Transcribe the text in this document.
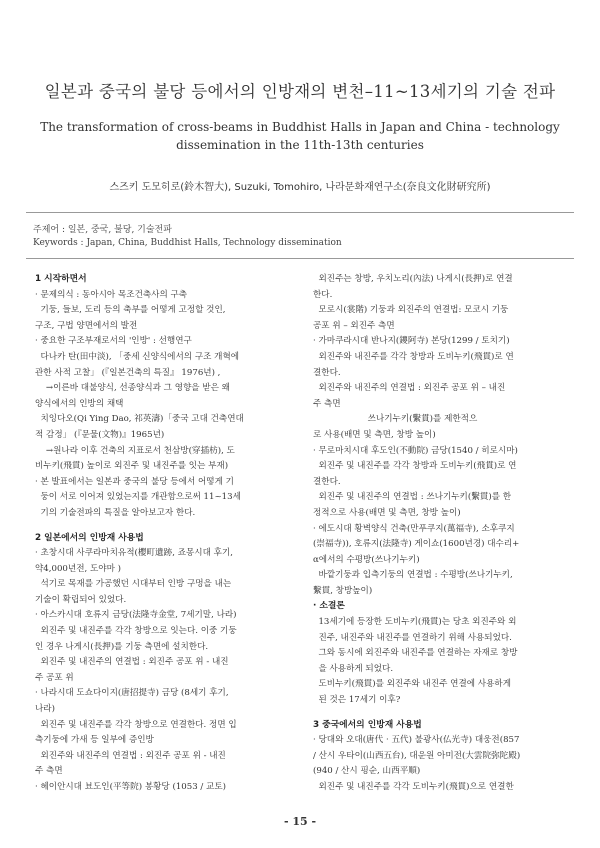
일본과 중국의 불당 등에서의 인방재의 변천–11~13세기의 기술 전파
The transformation of cross-beams in Buddhist Halls in Japan and China - technology
dissemination in the 11th-13th centuries
스즈키 도모히로(鈴木智大), Suzuki, Tomohiro, 나라문화재연구소(奈良文化財研究所)
주제어 : 일본, 중국, 불당, 기술전파
Keywords : Japan, China, Buddhist Halls, Technology dissemination

1 시작하면서

· 문제의식 : 동아시아 목조건축사의 구축

기둥, 들보, 도리 등의 축부를 어떻게 고정할 것인,

구조, 구법 양면에서의 발전

· 중요한 구조부재로서의 '인방' : 선행연구

다나카 탄(田中淡), 「중세 신양식에서의 구조 개혁에

관한 사적 고찰」 (『일본건축의 특질』 1976년) ,

→이른바 대불양식, 선종양식과 그 영향을 받은 왜

양식에서의 인방의 채택

치잉다오(Qi Ying Dao, 祁英濤)「중국 고대 건축연대

적 감정」 (『문물(文物)』1965년)

→원나라 이후 건축의 지표로서 천삼방(穿插枋), 도

비누키(飛貫) 높이로 외진주 및 내진주를 잇는 부재)

· 본 발표에서는 일본과 중국의 불당 등에서 어떻게 기

둥이 서로 이어져 있었는지를 개관함으로써 11~13세

기의 기술전파의 특질을 알아보고자 한다.

2 일본에서의 인방재 사용법

· 초창시대 사쿠라마치유적(櫻町遺跡, 죠몽시대 후기,

약4,000년전, 도야마 )

석기로 목재를 가공했던 시대부터 인방 구멍을 내는

기술이 확립되어 있었다.

· 아스카시대 호류지 금당(法隆寺金堂, 7세기말, 나라)

외진주 및 내진주를 각각 창방으로 잇는다. 이중 기둥

인 경우 나게시(長押)를 기둥 측면에 설치한다.

외진주 및 내진주의 연결법 : 외진주 공포 위 - 내진

주 공포 위

· 나라시대 도쇼다이지(唐招提寺) 금당 (8세기 후기,

나라)

외진주 및 내진주를 각각 창방으로 연결한다. 정면 입

측기둥에 가새 등 일부에 증인방

외진주와 내진주의 연결법 : 외진주 공포 위 - 내진

주 측면

· 헤이안시대 뵤도인(平等院) 봉황당 (1053 / 교토)

외진주는 창방, 우치노리(內法) 나게시(長押)로 연결

한다.

모로시(裳階) 기둥과 외진주의 연결법: 모코시 기둥

공포 위 – 외진주 측면

· 가마쿠라시대 반나지(鑁阿寺) 본당(1299 / 토치기)

외진주와 내진주를 각각 창방과 도비누키(飛貫)로 연

결한다.

외진주와 내진주의 연결법 : 외진주 공포 위 – 내진

주 측면

쓰나기누키(繫貫)를 제한적으

로 사용(배면 및 측면, 창방 높이)

· 무로마치시대 후도인(不動院) 금당(1540 / 히로시마)

외진주 및 내진주를 각각 창방과 도비누키(飛貫)로 연

결한다.

외진주 및 내진주의 연결법 : 쓰나기누키(繫貫)를 한

정적으로 사용(배면 및 측면, 창방 높이)

· 에도시대 황벽양식 건축(만푸쿠지(萬福寺), 소후쿠지

(崇福寺)), 호류지(法隆寺) 게이쇼(1600년경) 대수리+

α에서의 수평방(쓰나기누키)

바깥기둥과 입측기둥의 연결법 : 수평방(쓰나기누키,

繫貫, 창방높이)

· 소결론

13세기에 등장한 도비누키(飛貫)는 당초 외진주와 외

진주, 내진주와 내진주를 연결하기 위해 사용되었다.

그와 동시에 외진주와 내진주를 연결하는 자재로 창방

을 사용하게 되었다.

도비누키(飛貫)를 외진주와 내진주 연결에 사용하게

된 것은 17세기 이후?

3 중국에서의 인방재 사용법

· 당대와 오대(唐代 · 五代) 불광사(仏光寺) 대웅전(857

/ 산시 우타이(山西五台), 대운원 아미전(大雲院弥陀殿)

(940 / 산시 핑순, 山西平順)

외진주 및 내진주를 각각 도비누키(飛貫)으로 연결한

- 15 -
